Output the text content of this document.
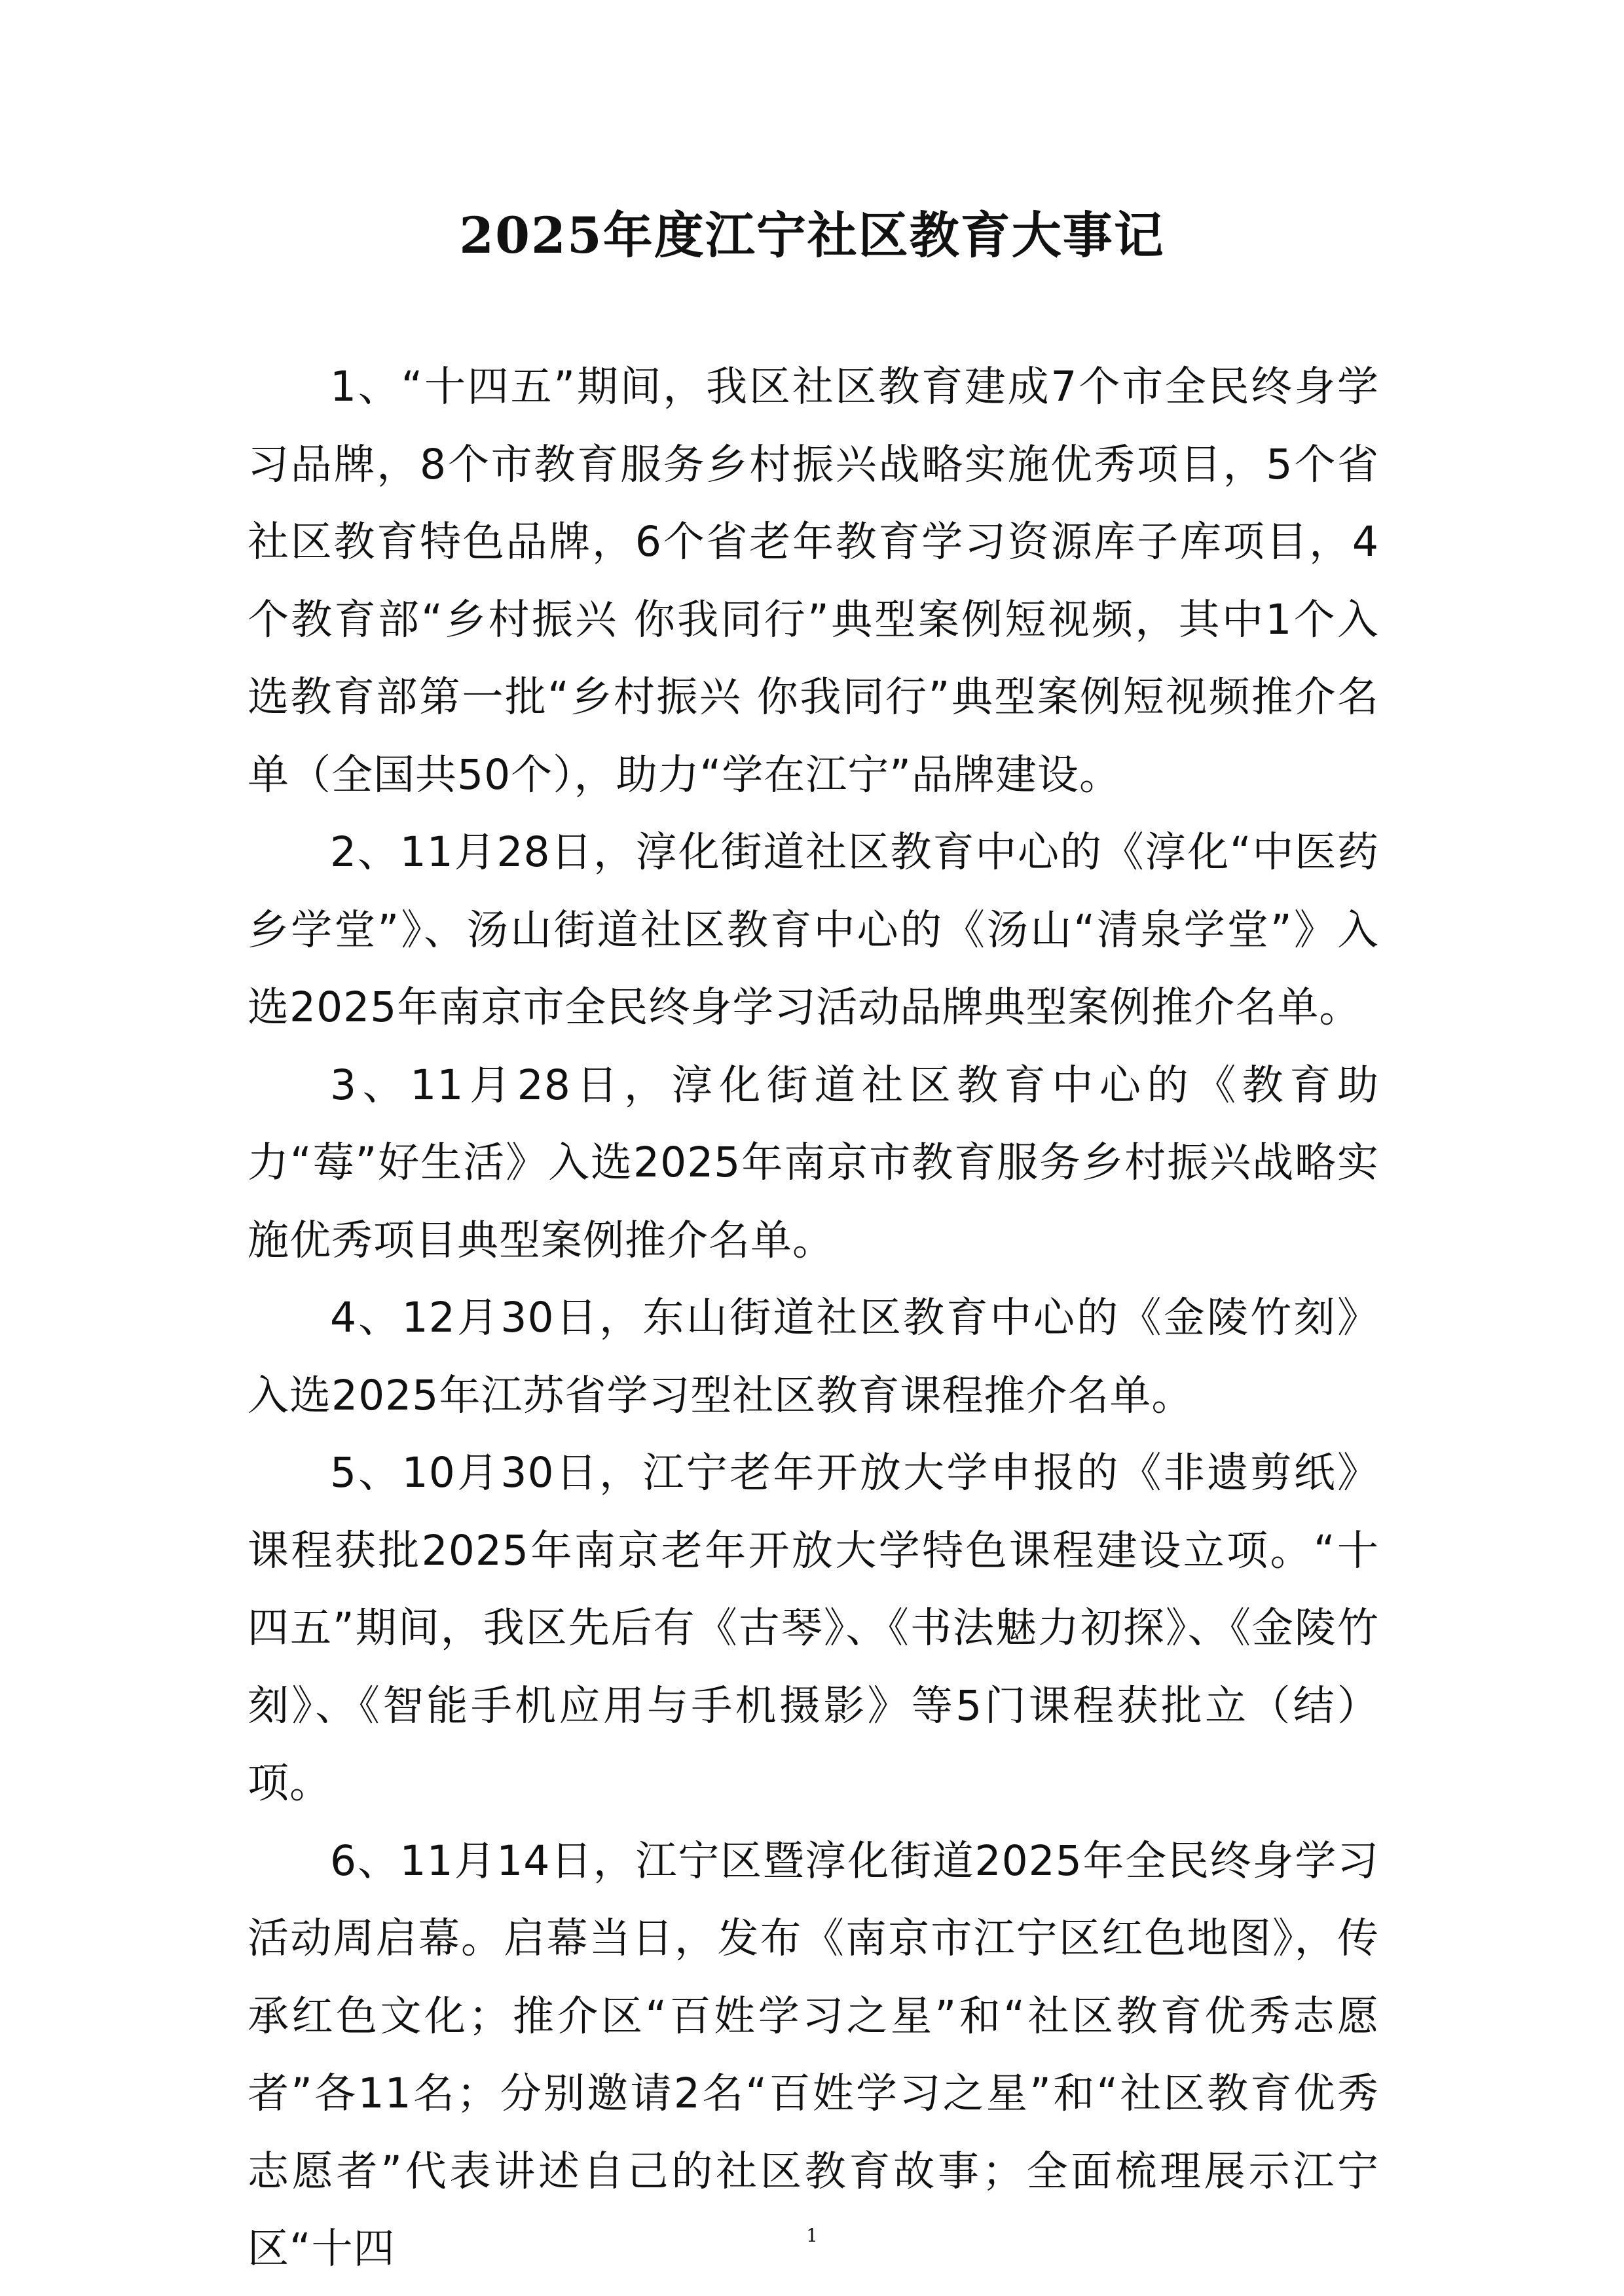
2025年度江宁社区教育大事记

1、“十四五”期间，我区社区教育建成7个市全民终身学习品牌，8个市教育服务乡村振兴战略实施优秀项目，5个省社区教育特色品牌，6个省老年教育学习资源库子库项目，4个教育部“乡村振兴 你我同行”典型案例短视频，其中1个入选教育部第一批“乡村振兴 你我同行”典型案例短视频推介名单（全国共50个），助力“学在江宁”品牌建设。

2、11月28日，淳化街道社区教育中心的《淳化“中医药乡学堂”》、汤山街道社区教育中心的《汤山“清泉学堂”》入选2025年南京市全民终身学习活动品牌典型案例推介名单。

3、11月28日，淳化街道社区教育中心的《教育助力“莓”好生活》入选2025年南京市教育服务乡村振兴战略实施优秀项目典型案例推介名单。

4、12月30日，东山街道社区教育中心的《金陵竹刻》入选2025年江苏省学习型社区教育课程推介名单。

5、10月30日，江宁老年开放大学申报的《非遗剪纸》课程获批2025年南京老年开放大学特色课程建设立项。“十四五”期间，我区先后有《古琴》、《书法魅力初探》、《金陵竹刻》、《智能手机应用与手机摄影》等5门课程获批立（结）项。

6、11月14日，江宁区暨淳化街道2025年全民终身学习活动周启幕。启幕当日，发布《南京市江宁区红色地图》，传承红色文化；推介区“百姓学习之星”和“社区教育优秀志愿者”各11名；分别邀请2名“百姓学习之星”和“社区教育优秀志愿者”代表讲述自己的社区教育故事；全面梳理展示江宁区“十四	1
